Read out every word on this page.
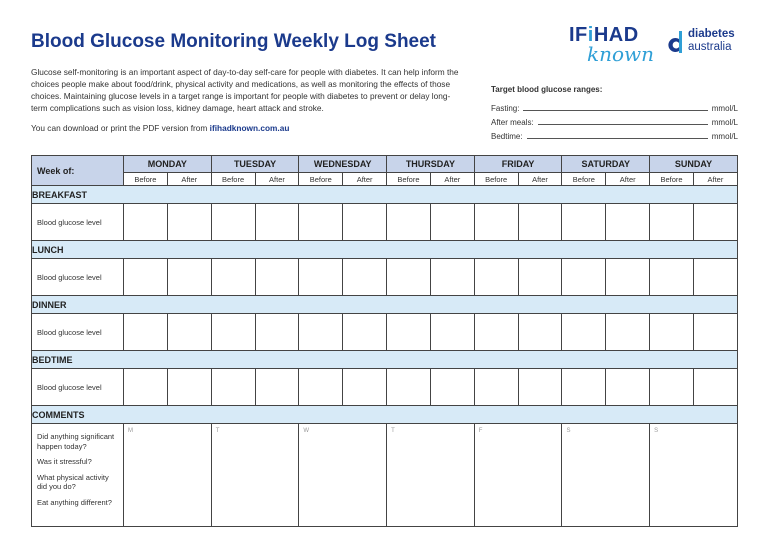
Blood Glucose Monitoring Weekly Log Sheet
Glucose self-monitoring is an important aspect of day-to-day self-care for people with diabetes. It can help inform the choices people make about food/drink, physical activity and medications, as well as monitoring the effects of those choices. Maintaining glucose levels in a target range is important for people with diabetes to prevent or delay long-term complications such as vision loss, kidney damage, heart attack and stroke.
You can download or print the PDF version from ifihadknown.com.au
IFiHAD
known
diabetes
australia
Target blood glucose ranges:
Fasting:	mmol/L
After meals:	mmol/L
Bedtime:	mmol/L
Week of:	MONDAY		TUESDAY		WEDNESDAY		THURSDAY		FRIDAY		SATURDAY		SUNDAY	
	Before	After	Before	After	Before	After	Before	After	Before	After	Before	After	Before	After
BREAKFAST														
Blood glucose level														
LUNCH														
Blood glucose level														
DINNER														
Blood glucose level														
BEDTIME														
Blood glucose level														
COMMENTS														

Did anything significant happen today?
Was it stressful?
What physical activity did you do?
Eat anything different?	M		T		W		T		F		S		S	
